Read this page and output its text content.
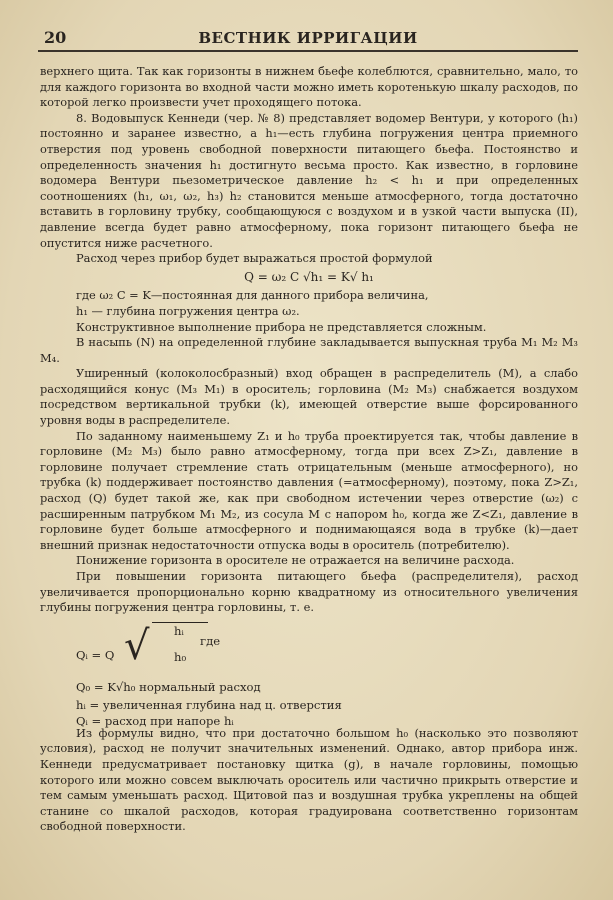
20	ВЕСТНИК ИРРИГАЦИИ

верхнего щита. Так как горизонты в нижнем бьефе колеблются, сравнительно, мало, то для каждого горизонта во входной части можно иметь коротенькую шкалу расходов, по которой легко произвести учет проходящего потока.

8. Водовыпуск Кеннеди (чер. № 8) представляет водомер Вентури, у которого (h₁) постоянно и заранее известно, а h₁—есть глубина погружения центра приемного отверстия под уровень свободной поверхности питающего бьефа. Постоянство и определенность значения h₁ достигнуто весьма просто. Как известно, в горловине водомера Вентури пьезометрическое давление h₂ < h₁ и при определенных соотношениях (h₁, ω₁, ω₂, h₃) h₂ становится меньше атмосферного, тогда достаточно вставить в горловину трубку, сообщающуюся с воздухом и в узкой части выпуска (II), давление всегда будет равно атмосферному, пока горизонт питающего бьефа не опустится ниже расчетного.

Расход через прибор будет выражаться простой формулой

Q = ω₂ C √h₁ = K√ h₁

где ω₂ C = K—постоянная для данного прибора величина,

h₁ — глубина погружения центра ω₂.

Конструктивное выполнение прибора не представляется сложным.

В насыпь (N) на определенной глубине закладывается выпускная труба M₁ M₂ M₃ M₄.

Уширенный (колоколосбразный) вход обращен в распределитель (M), а слабо расходящийся конус (M₃ M₁) в ороситель; горловина (M₂ M₃) снабжается воздухом посредством вертикальной трубки (k), имеющей отверстие выше форсированного уровня воды в распределителе.

По заданному наименьшему Z₁ и h₀ труба проектируется так, чтобы давление в горловине (M₂ M₃) было равно атмосферному, тогда при всех Z>Z₁, давление в горловине получает стремление стать отрицательным (меньше атмосферного), но трубка (k) поддерживает постоянство давления (=атмосферному), поэтому, пока Z>Z₁, расход (Q) будет такой же, как при свободном истечении через отверстие (ω₂) с расширенным патрубком M₁ M₂, из сосула M с напором h₀, когда же Z<Z₁, давление в горловине будет больше атмосферного и поднимающаяся вода в трубке (k)—дает внешний признак недостаточности отпуска воды в ороситель (потребителю).

Понижение горизонта в оросителе не отражается на величине расхода.

При повышении горизонта питающего бьефа (распределителя), расход увеличивается пропорционально корню квадратному из относительного увеличения глубины погружения центра горловины, т. е.

Qᵢ = Q √ hᵢ
h₀
где
Q₀ = K√h₀ нормальный расход
hᵢ = увеличенная глубина над ц. отверстия
Qᵢ = расход при напоре hᵢ

Из формулы видно, что при достаточно большом h₀ (насколько это позволяют условия), расход не получит значительных изменений. Однако, автор прибора инж. Кеннеди предусматривает постановку щитка (g), в начале горловины, помощью которого или можно совсем выключать ороситель или частично прикрыть отверстие и тем самым уменьшать расход. Щитовой паз и воздушная трубка укреплены на общей станине со шкалой расходов, которая градуирована соответственно горизонтам свободной поверхности.
